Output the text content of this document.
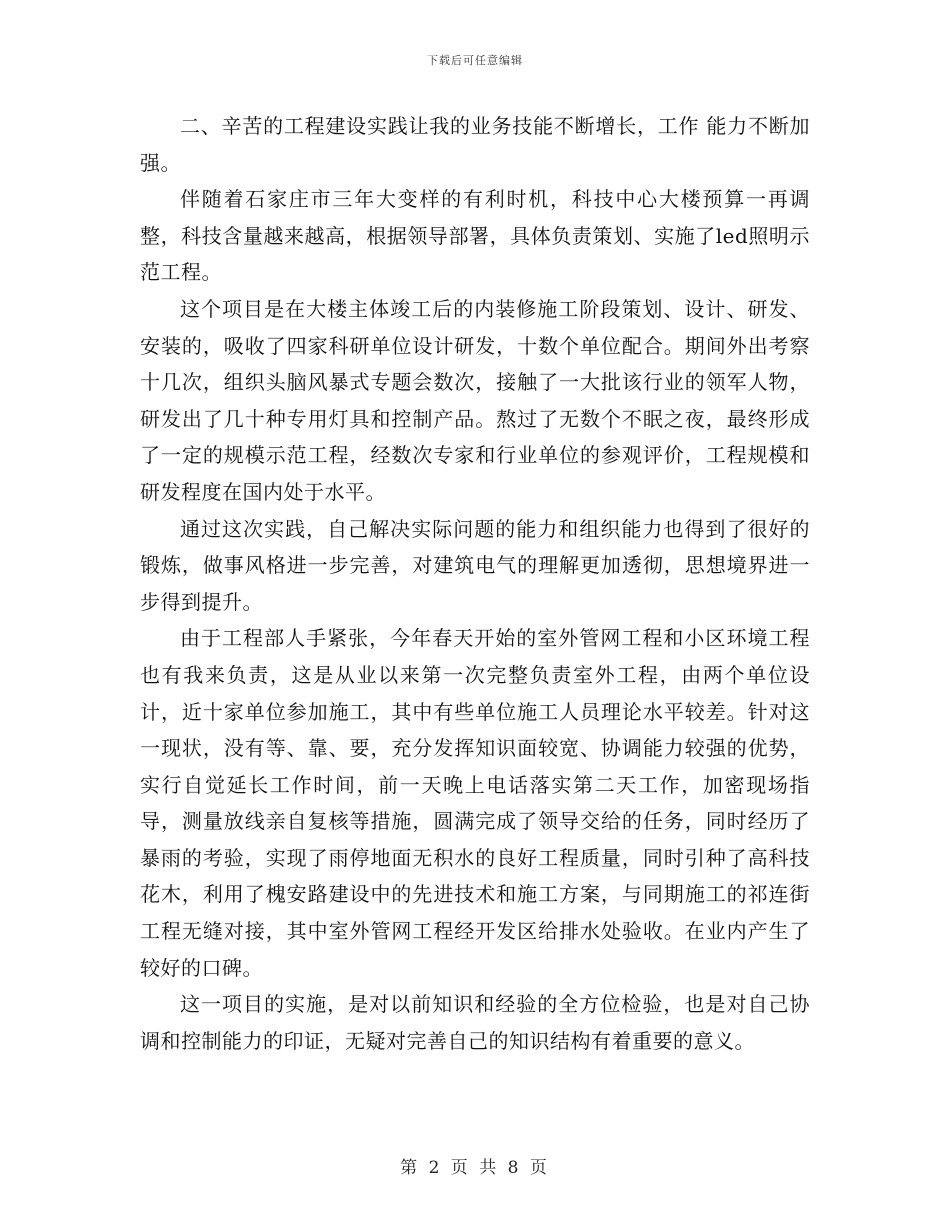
下载后可任意编辑

二、辛苦的工程建设实践让我的业务技能不断增长，工作 能力不断加强。

伴随着石家庄市三年大变样的有利时机，科技中心大楼预算一再调整，科技含量越来越高，根据领导部署，具体负责策划、实施了led照明示范工程。

这个项目是在大楼主体竣工后的内装修施工阶段策划、设计、研发、安装的，吸收了四家科研单位设计研发，十数个单位配合。期间外出考察十几次，组织头脑风暴式专题会数次，接触了一大批该行业的领军人物，研发出了几十种专用灯具和控制产品。熬过了无数个不眠之夜，最终形成了一定的规模示范工程，经数次专家和行业单位的参观评价，工程规模和研发程度在国内处于水平。

通过这次实践，自己解决实际问题的能力和组织能力也得到了很好的锻炼，做事风格进一步完善，对建筑电气的理解更加透彻，思想境界进一步得到提升。

由于工程部人手紧张，今年春天开始的室外管网工程和小区环境工程也有我来负责，这是从业以来第一次完整负责室外工程，由两个单位设计，近十家单位参加施工，其中有些单位施工人员理论水平较差。针对这一现状，没有等、靠、要，充分发挥知识面较宽、协调能力较强的优势，实行自觉延长工作时间，前一天晚上电话落实第二天工作，加密现场指导，测量放线亲自复核等措施，圆满完成了领导交给的任务，同时经历了暴雨的考验，实现了雨停地面无积水的良好工程质量，同时引种了高科技花木，利用了槐安路建设中的先进技术和施工方案，与同期施工的祁连街工程无缝对接，其中室外管网工程经开发区给排水处验收。在业内产生了较好的口碑。

这一项目的实施，是对以前知识和经验的全方位检验，也是对自己协调和控制能力的印证，无疑对完善自己的知识结构有着重要的意义。

第 2 页 共 8 页
